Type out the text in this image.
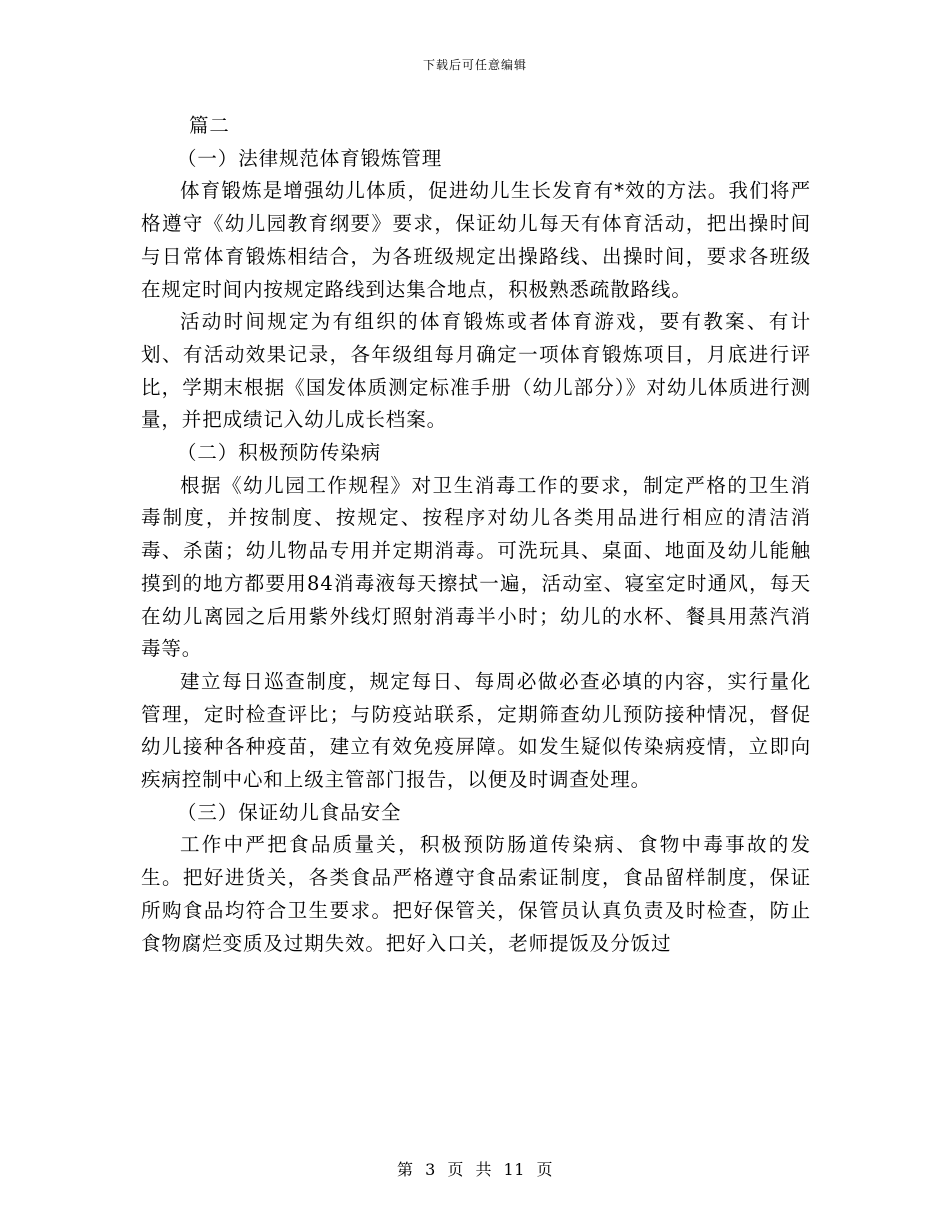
下载后可任意编辑

篇二

（一）法律规范体育锻炼管理

体育锻炼是增强幼儿体质，促进幼儿生长发育有*效的方法。我们将严格遵守《幼儿园教育纲要》要求，保证幼儿每天有体育活动，把出操时间与日常体育锻炼相结合，为各班级规定出操路线、出操时间，要求各班级在规定时间内按规定路线到达集合地点，积极熟悉疏散路线。

活动时间规定为有组织的体育锻炼或者体育游戏，要有教案、有计划、有活动效果记录，各年级组每月确定一项体育锻炼项目，月底进行评比，学期末根据《国发体质测定标准手册（幼儿部分）》对幼儿体质进行测量，并把成绩记入幼儿成长档案。

（二）积极预防传染病

根据《幼儿园工作规程》对卫生消毒工作的要求，制定严格的卫生消毒制度，并按制度、按规定、按程序对幼儿各类用品进行相应的清洁消毒、杀菌；幼儿物品专用并定期消毒。可洗玩具、桌面、地面及幼儿能触摸到的地方都要用84消毒液每天擦拭一遍，活动室、寝室定时通风，每天在幼儿离园之后用紫外线灯照射消毒半小时；幼儿的水杯、餐具用蒸汽消毒等。

建立每日巡查制度，规定每日、每周必做必查必填的内容，实行量化管理，定时检查评比；与防疫站联系，定期筛查幼儿预防接种情况，督促幼儿接种各种疫苗，建立有效免疫屏障。如发生疑似传染病疫情，立即向疾病控制中心和上级主管部门报告，以便及时调查处理。

（三）保证幼儿食品安全

工作中严把食品质量关，积极预防肠道传染病、食物中毒事故的发生。把好进货关，各类食品严格遵守食品索证制度，食品留样制度，保证所购食品均符合卫生要求。把好保管关，保管员认真负责及时检查，防止食物腐烂变质及过期失效。把好入口关，老师提饭及分饭过

第 3 页 共 11 页
